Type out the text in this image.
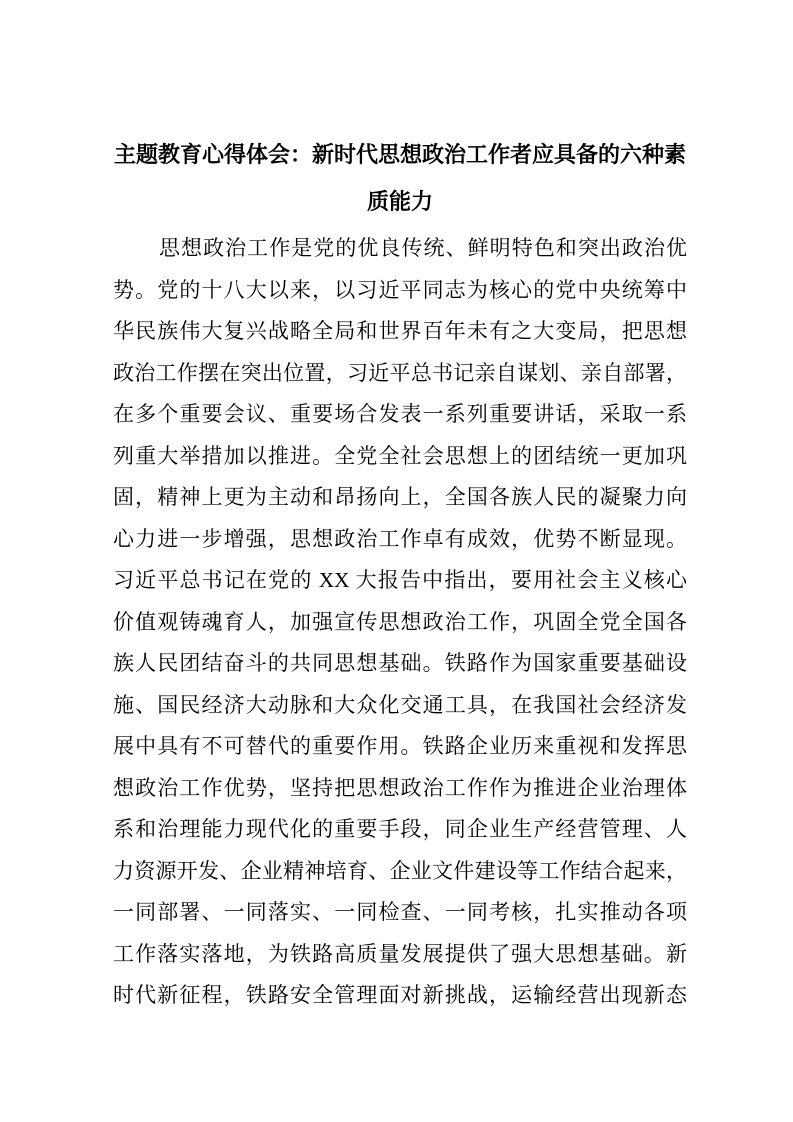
主题教育心得体会：新时代思想政治工作者应具备的六种素
质能力
思想政治工作是党的优良传统、鲜明特色和突出政治优
势。党的十八大以来，以习近平同志为核心的党中央统筹中
华民族伟大复兴战略全局和世界百年未有之大变局，把思想
政治工作摆在突出位置，习近平总书记亲自谋划、亲自部署，
在多个重要会议、重要场合发表一系列重要讲话，采取一系
列重大举措加以推进。全党全社会思想上的团结统一更加巩
固，精神上更为主动和昂扬向上，全国各族人民的凝聚力向
心力进一步增强，思想政治工作卓有成效，优势不断显现。
习近平总书记在党的 XX 大报告中指出，要用社会主义核心
价值观铸魂育人，加强宣传思想政治工作，巩固全党全国各
族人民团结奋斗的共同思想基础。铁路作为国家重要基础设
施、国民经济大动脉和大众化交通工具，在我国社会经济发
展中具有不可替代的重要作用。铁路企业历来重视和发挥思
想政治工作优势，坚持把思想政治工作作为推进企业治理体
系和治理能力现代化的重要手段，同企业生产经营管理、人
力资源开发、企业精神培育、企业文件建设等工作结合起来，
一同部署、一同落实、一同检查、一同考核，扎实推动各项
工作落实落地，为铁路高质量发展提供了强大思想基础。新
时代新征程，铁路安全管理面对新挑战，运输经营出现新态
